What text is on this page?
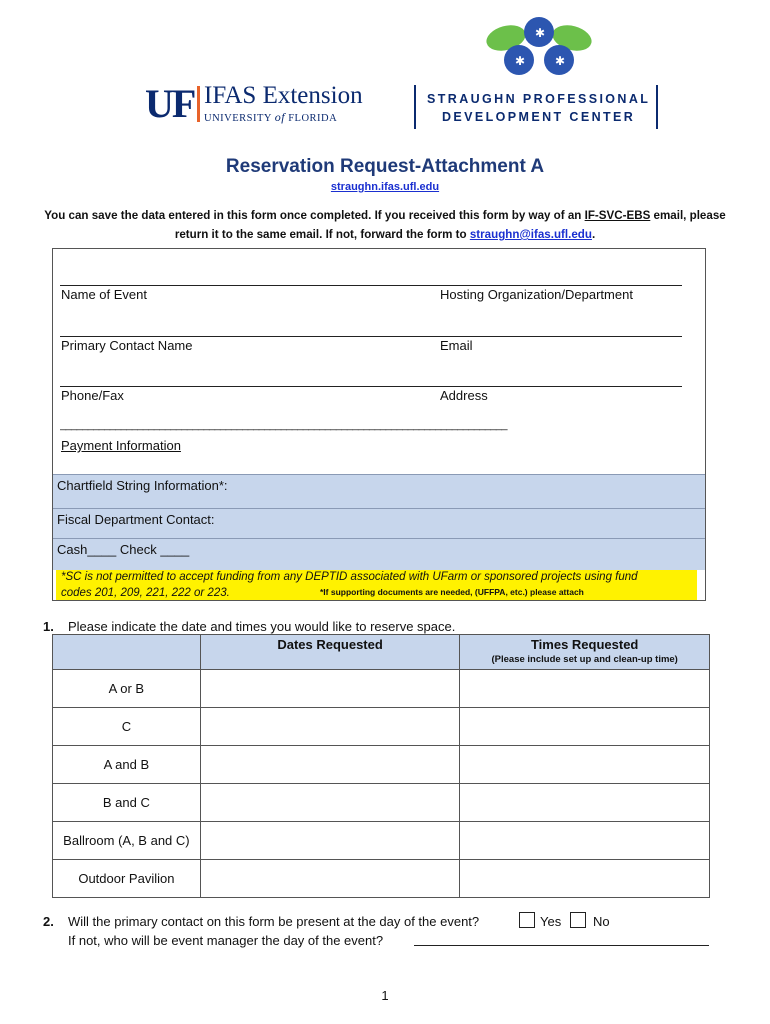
✱
✱ ✱
UF IFAS Extension
UNIVERSITY of FLORIDA
STRAUGHN PROFESSIONAL
DEVELOPMENT CENTER
Reservation Request-Attachment A
straughn.ifas.ufl.edu
You can save the data entered in this form once completed. If you received this form by way of an IF-SVC-EBS email, please return it to the same email. If not, forward the form to straughn@ifas.ufl.edu.
Name of Event	Hosting Organization/Department
Primary Contact Name	Email
Phone/Fax	Address
_________________________________________________________________________________
Payment Information
Chartfield String Information*:
Fiscal Department Contact:
Cash____ Check ____
*SC is not permitted to accept funding from any DEPTID associated with UFarm or sponsored projects using fund
codes 201, 209, 221, 222 or 223.	*If supporting documents are needed, (UFFPA, etc.) please attach
1. Please indicate the date and times you would like to reserve space.
	Dates Requested	Times Requested
(Please include set up and clean-up time)

A or B		
C		
A and B		
B and C		
Ballroom (A, B and C)		
Outdoor Pavilion		
2. Will the primary contact on this form be present at the day of the event?	Yes No
If not, who will be event manager the day of the event?
1
